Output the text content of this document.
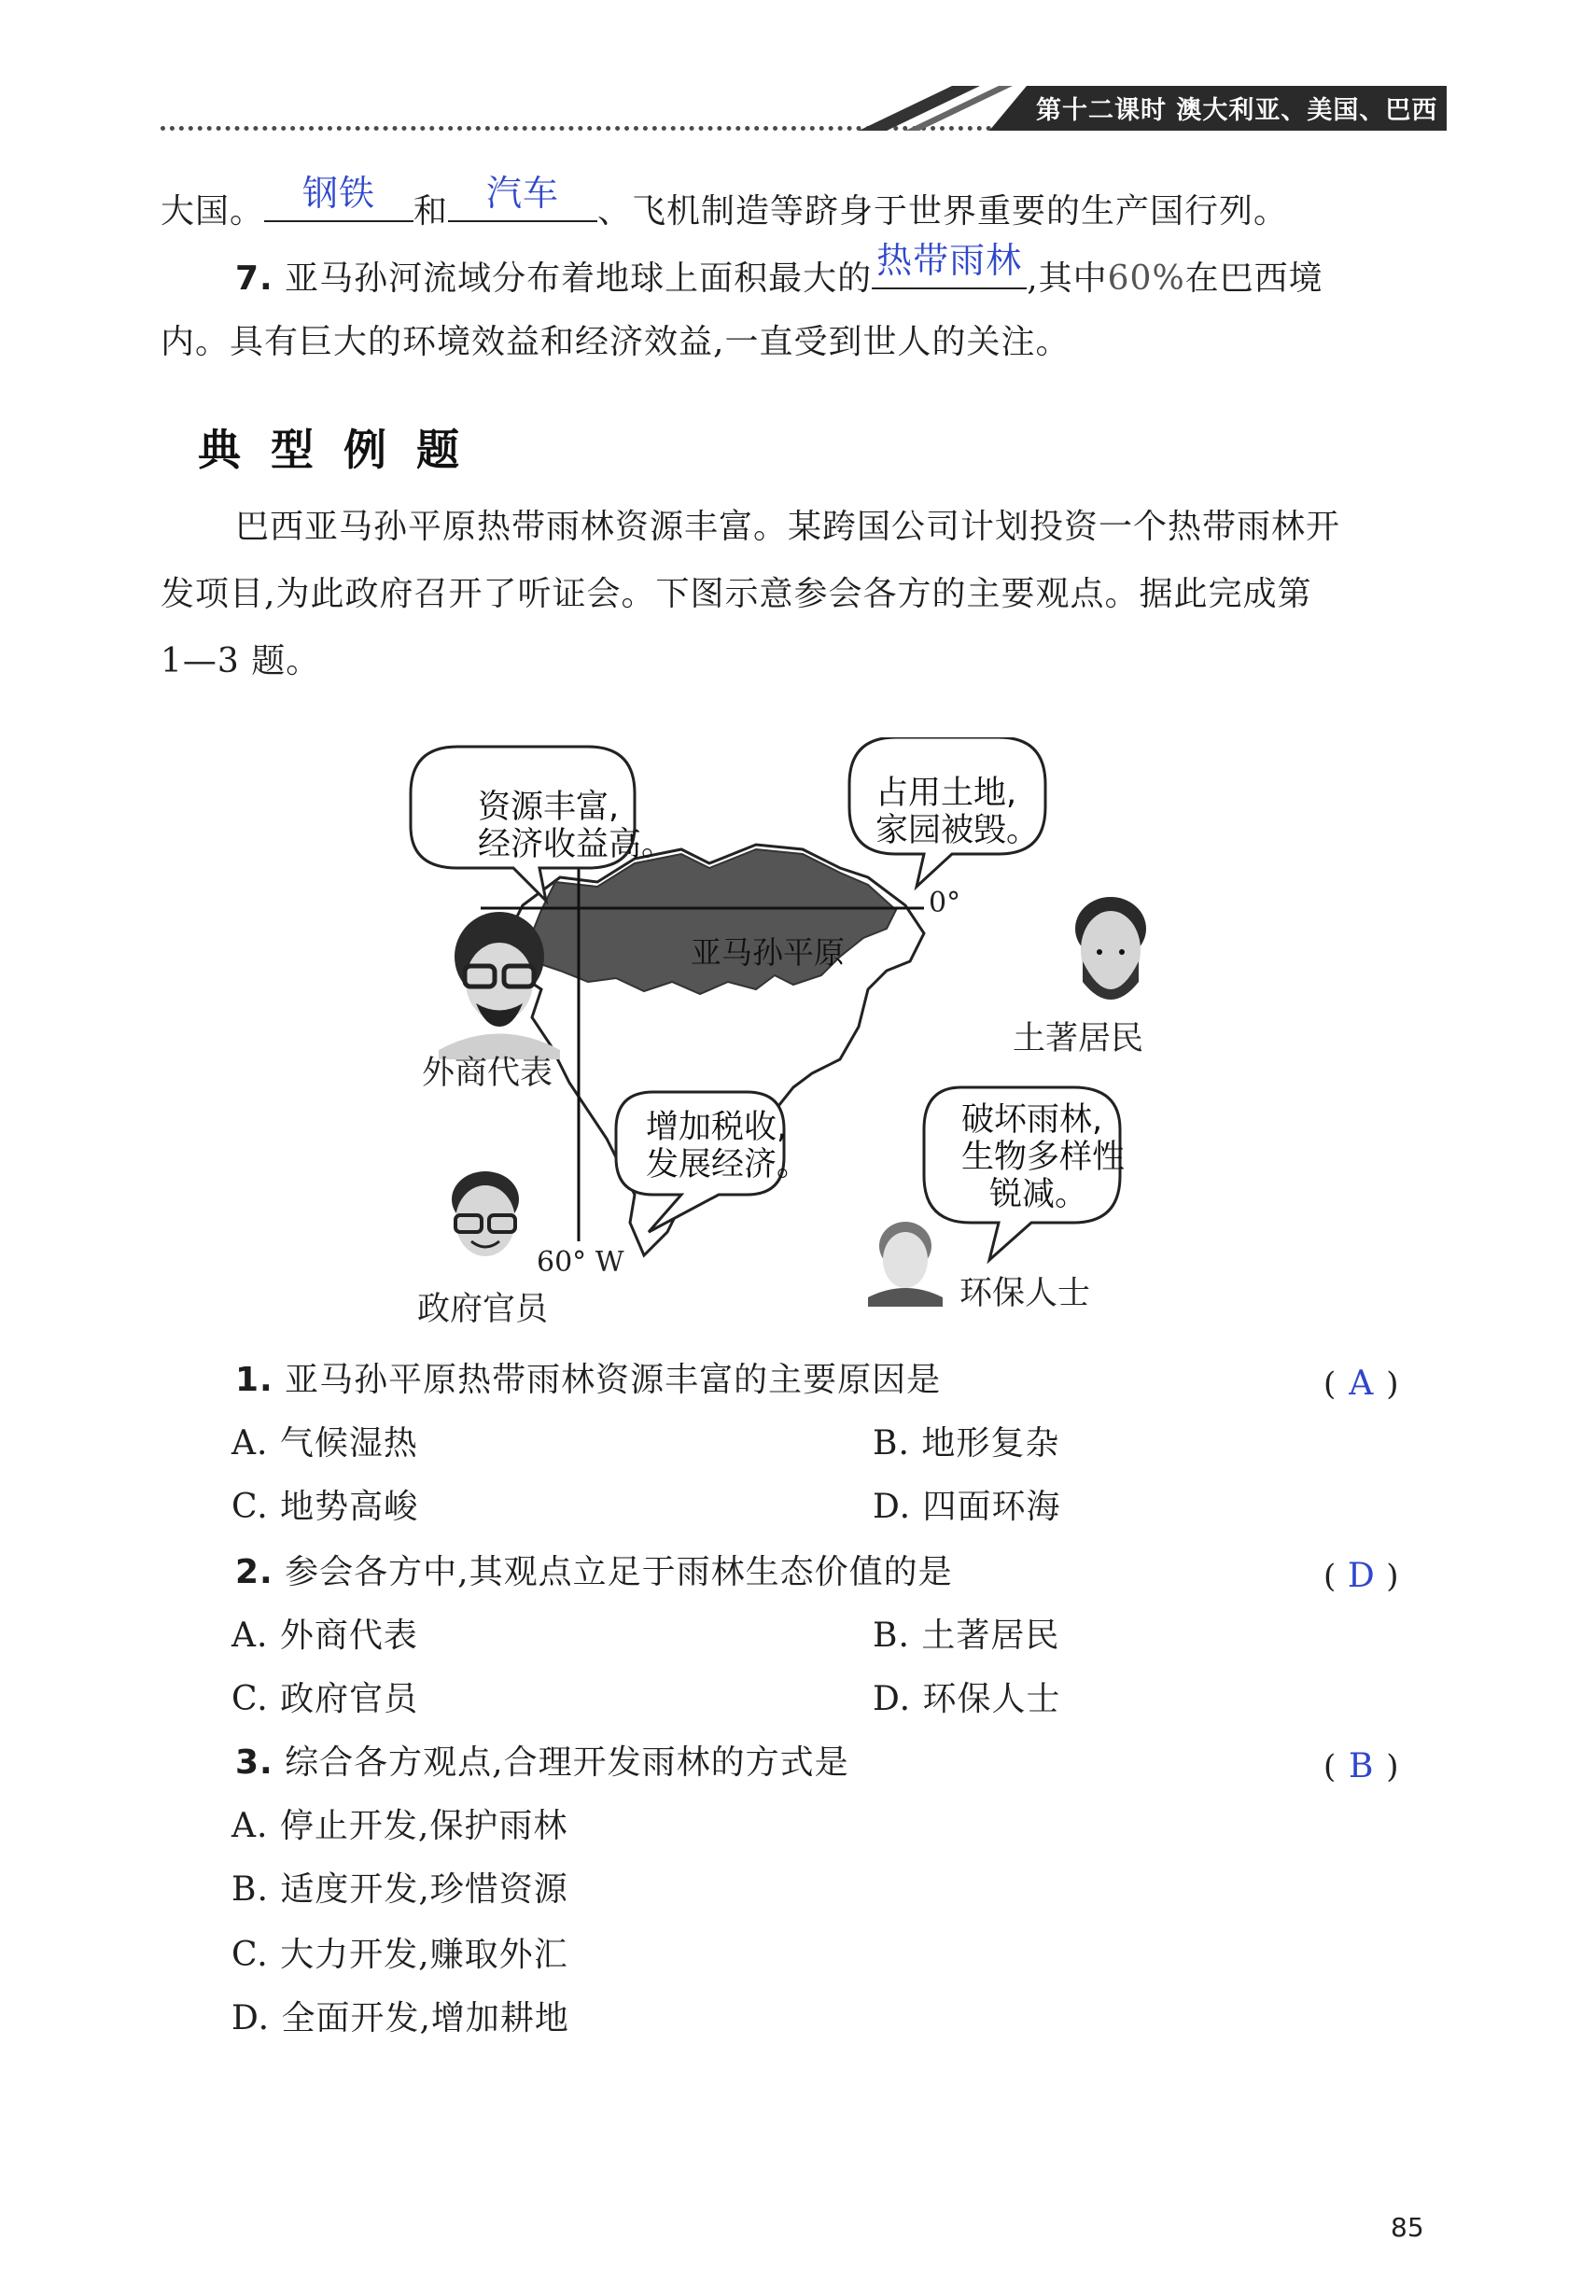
第十二课时 澳大利亚、美国、巴西
大国。	钢铁	和	汽车	、飞机制造等跻身于世界重要的生产国行列。
7. 亚马孙河流域分布着地球上面积最大的 热带雨林 ,其中60%在巴西境
内。具有巨大的环境效益和经济效益,一直受到世人的关注。
典 型 例 题
巴西亚马孙平原热带雨林资源丰富。某跨国公司计划投资一个热带雨林开
发项目,为此政府召开了听证会。下图示意参会各方的主要观点。据此完成第
1—3 题。
资源丰富,
经济收益高。
占用土地,
家园被毁。
增加税收,
发展经济。
破坏雨林,
生物多样性
锐减。
亚马孙平原
0°
60° W
外商代表
土著居民
政府官员	环保人士
1. 亚马孙平原热带雨林资源丰富的主要原因是	( A )
A. 气候湿热	B. 地形复杂
C. 地势高峻	D. 四面环海
2. 参会各方中,其观点立足于雨林生态价值的是	( D )
A. 外商代表	B. 土著居民
C. 政府官员	D. 环保人士
3. 综合各方观点,合理开发雨林的方式是	( B )
A. 停止开发,保护雨林
B. 适度开发,珍惜资源
C. 大力开发,赚取外汇
D. 全面开发,增加耕地
85
